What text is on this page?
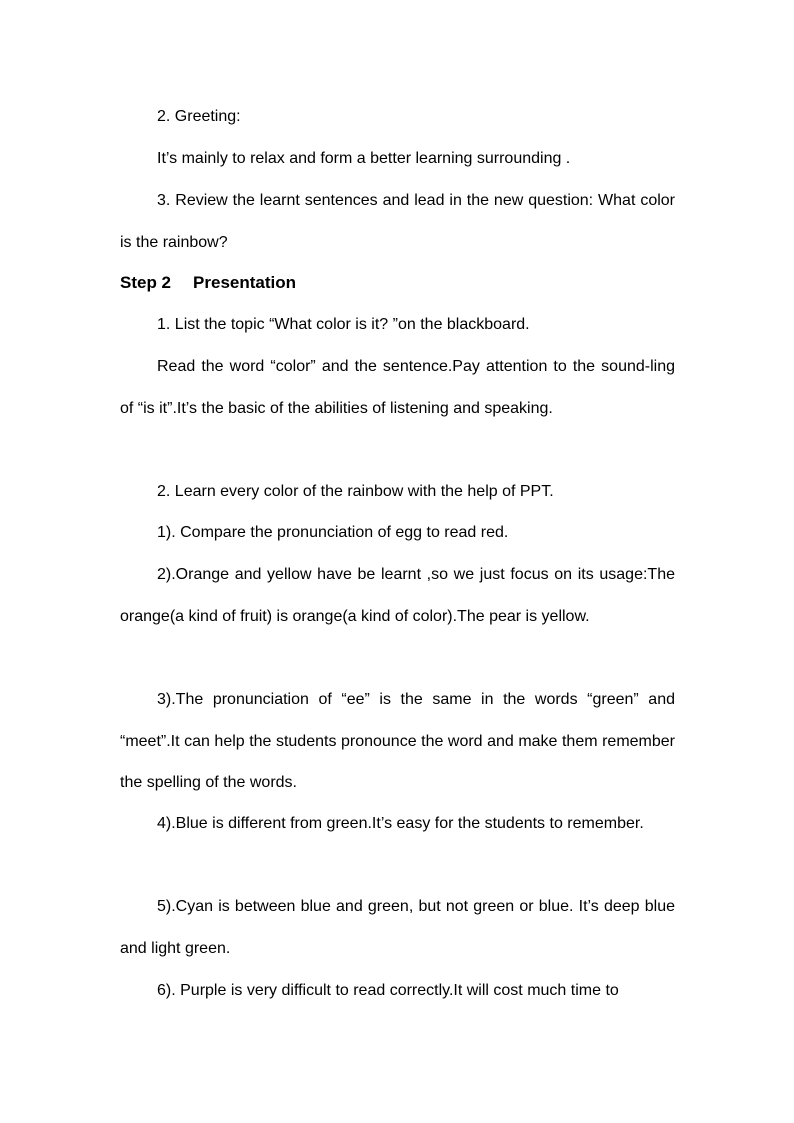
2. Greeting:

It’s mainly to relax and form a better learning surrounding .

3. Review the learnt sentences and lead in the new question: What color is the rainbow?

Step 2 Presentation

1. List the topic “What color is it? ”on the blackboard.

Read the word “color” and the sentence.Pay attention to the sound-ling of “is it”.It’s the basic of the abilities of listening and speaking.

2. Learn every color of the rainbow with the help of PPT.

1). Compare the pronunciation of egg to read red.

2).Orange and yellow have be learnt ,so we just focus on its usage:The orange(a kind of fruit) is orange(a kind of color).The pear is yellow.

3).The pronunciation of “ee” is the same in the words “green” and “meet”.It can help the students pronounce the word and make them remember the spelling of the words.

4).Blue is different from green.It’s easy for the students to remember.

5).Cyan is between blue and green, but not green or blue. It’s deep blue and light green.

6). Purple is very difficult to read correctly.It will cost much time to
